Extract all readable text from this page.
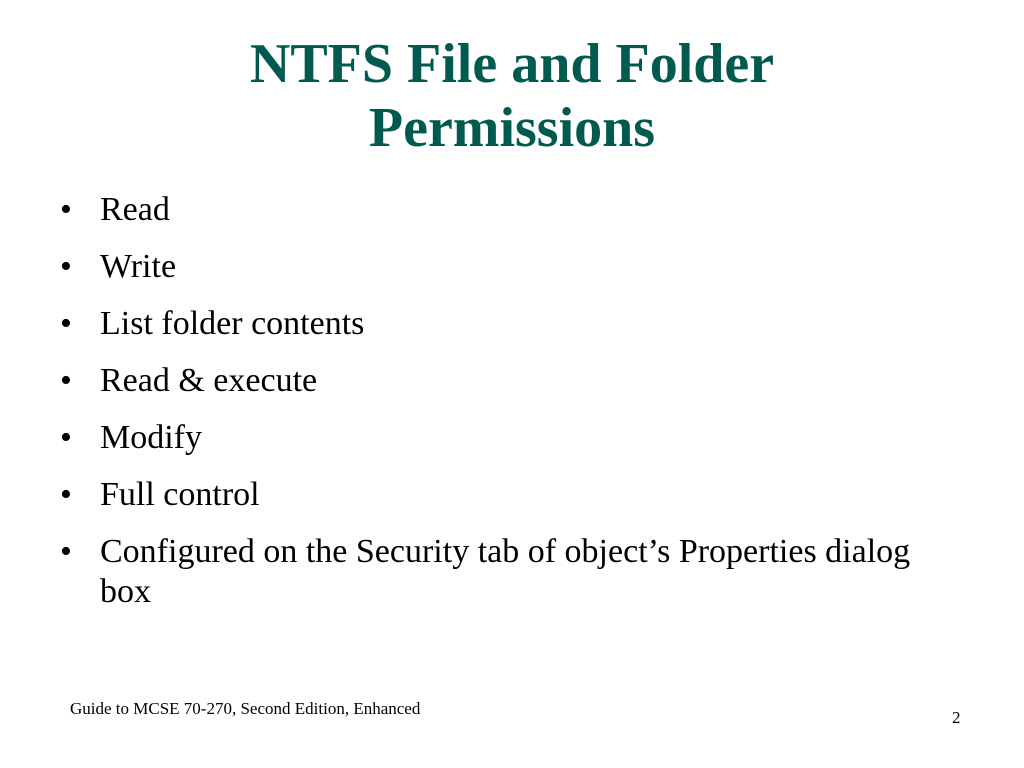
NTFS File and Folder
Permissions
• Read
• Write
• List folder contents
• Read & execute
• Modify
• Full control
• Configured on the Security tab of object’s Properties dialog box
Guide to MCSE 70-270, Second Edition, Enhanced	2
